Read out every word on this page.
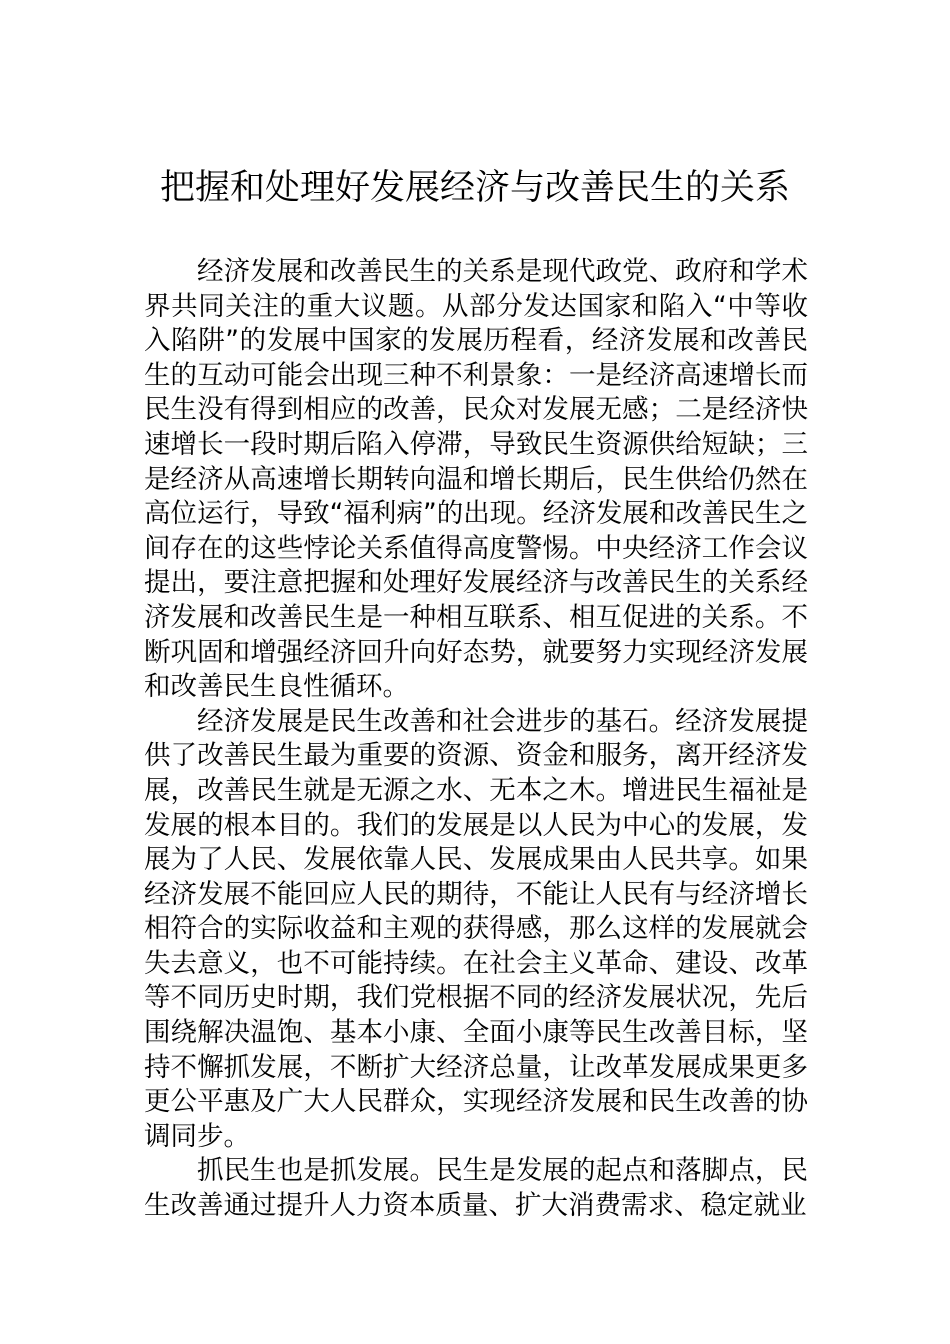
把握和处理好发展经济与改善民生的关系

经济发展和改善民生的关系是现代政党、政府和学术界共同关注的重大议题。从部分发达国家和陷入“中等收入陷阱”的发展中国家的发展历程看，经济发展和改善民生的互动可能会出现三种不利景象：一是经济高速增长而民生没有得到相应的改善，民众对发展无感；二是经济快速增长一段时期后陷入停滞，导致民生资源供给短缺；三是经济从高速增长期转向温和增长期后，民生供给仍然在高位运行，导致“福利病”的出现。经济发展和改善民生之间存在的这些悖论关系值得高度警惕。中央经济工作会议提出，要注意把握和处理好发展经济与改善民生的关系经济发展和改善民生是一种相互联系、相互促进的关系。不断巩固和增强经济回升向好态势，就要努力实现经济发展和改善民生良性循环。

经济发展是民生改善和社会进步的基石。经济发展提供了改善民生最为重要的资源、资金和服务，离开经济发展，改善民生就是无源之水、无本之木。增进民生福祉是发展的根本目的。我们的发展是以人民为中心的发展，发展为了人民、发展依靠人民、发展成果由人民共享。如果经济发展不能回应人民的期待，不能让人民有与经济增长相符合的实际收益和主观的获得感，那么这样的发展就会失去意义，也不可能持续。在社会主义革命、建设、改革等不同历史时期，我们党根据不同的经济发展状况，先后围绕解决温饱、基本小康、全面小康等民生改善目标，坚持不懈抓发展，不断扩大经济总量，让改革发展成果更多更公平惠及广大人民群众，实现经济发展和民生改善的协调同步。

抓民生也是抓发展。民生是发展的起点和落脚点，民生改善通过提升人力资本质量、扩大消费需求、稳定就业
